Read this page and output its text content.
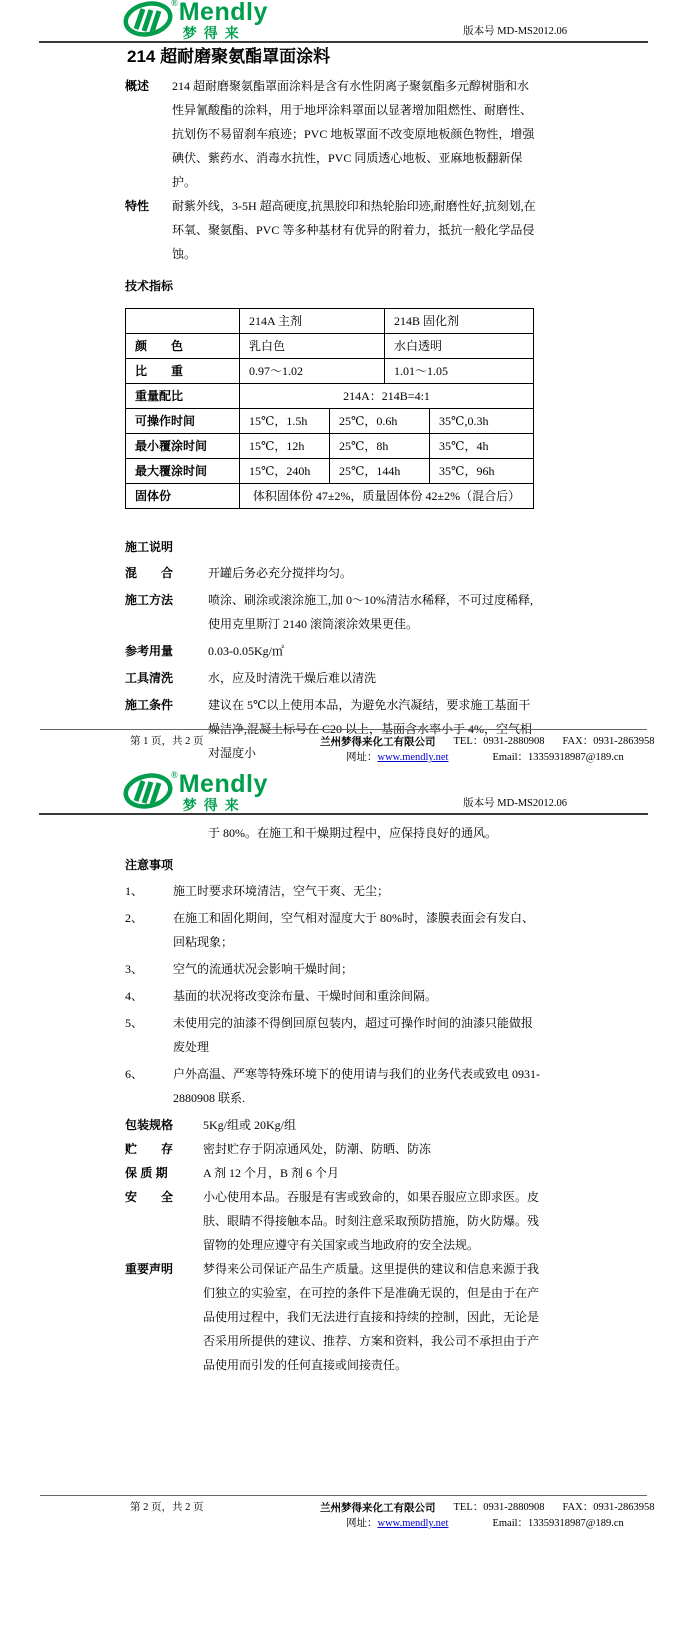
® Mendly
梦得来	版本号 MD-MS2012.06
214 超耐磨聚氨酯罩面涂料
概述	214 超耐磨聚氨酯罩面涂料是含有水性阴离子聚氨酯多元醇树脂和水性异氰酸酯的涂料，用于地坪涂料罩面以显著增加阻燃性、耐磨性、抗划伤不易留刹车痕迹；PVC 地板罩面不改变原地板颜色物性，增强碘伏、紫药水、消毒水抗性，PVC 同质透心地板、亚麻地板翻新保护。
特性	耐紫外线，3-5H 超高硬度,抗黑胶印和热轮胎印迹,耐磨性好,抗刻划,在环氧、聚氨酯、PVC 等多种基材有优异的附着力，抵抗一般化学品侵蚀。
技术指标
	214A 主剂		214B 固化剂	
颜　　色	乳白色		水白透明	
比　　重	0.97～1.02		1.01～1.05	
重量配比	214A：214B=4:1			
可操作时间	15℃，1.5h	25℃，0.6h		35℃,0.3h
最小覆涂时间	15℃，12h	25℃，8h		35℃，4h
最大覆涂时间	15℃，240h	25℃，144h		35℃，96h
固体份	体积固体份 47±2%，质量固体份 42±2%（混合后）			
施工说明
混　　合	开罐后务必充分搅拌均匀。
施工方法	喷涂、刷涂或滚涂施工,加 0～10%清洁水稀释，不可过度稀释,使用克里斯汀 2140 滚筒滚涂效果更佳。
参考用量	0.03-0.05Kg/㎡
工具清洗	水，应及时清洗干燥后难以清洗
施工条件	建议在 5℃以上使用本品，为避免水汽凝结，要求施工基面干燥洁净,混凝土标号在 C20 以上，基面含水率小于 4%，空气相对湿度小
第 1 页，共 2 页	兰州梦得来化工有限公司 TEL：0931-2880908 FAX：0931-2863958
网址：www.mendly.net	Email：13359318987@189.cn
® Mendly
梦得来	版本号 MD-MS2012.06
于 80%。在施工和干燥期过程中，应保持良好的通风。
注意事项
1、	施工时要求环境清洁，空气干爽、无尘；
2、	在施工和固化期间，空气相对湿度大于 80%时，漆膜表面会有发白、回粘现象；
3、	空气的流通状况会影响干燥时间；
4、	基面的状况将改变涂布量、干燥时间和重涂间隔。
5、	未使用完的油漆不得倒回原包装内，超过可操作时间的油漆只能做报废处理
6、	户外高温、严寒等特殊环境下的使用请与我们的业务代表或致电 0931-2880908 联系.
包装规格	5Kg/组或 20Kg/组
贮　　存	密封贮存于阴凉通风处，防潮、防晒、防冻
保 质 期	A 剂 12 个月，B 剂 6 个月
安　　全	小心使用本品。吞服是有害或致命的，如果吞服应立即求医。皮肤、眼睛不得接触本品。时刻注意采取预防措施，防火防爆。残留物的处理应遵守有关国家或当地政府的安全法规。
重要声明	梦得来公司保证产品生产质量。这里提供的建议和信息来源于我们独立的实验室，在可控的条件下是准确无误的，但是由于在产品使用过程中，我们无法进行直接和持续的控制，因此，无论是否采用所提供的建议、推荐、方案和资料，我公司不承担由于产品使用而引发的任何直接或间接责任。
第 2 页，共 2 页	兰州梦得来化工有限公司 TEL：0931-2880908 FAX：0931-2863958
网址：www.mendly.net	Email：13359318987@189.cn
